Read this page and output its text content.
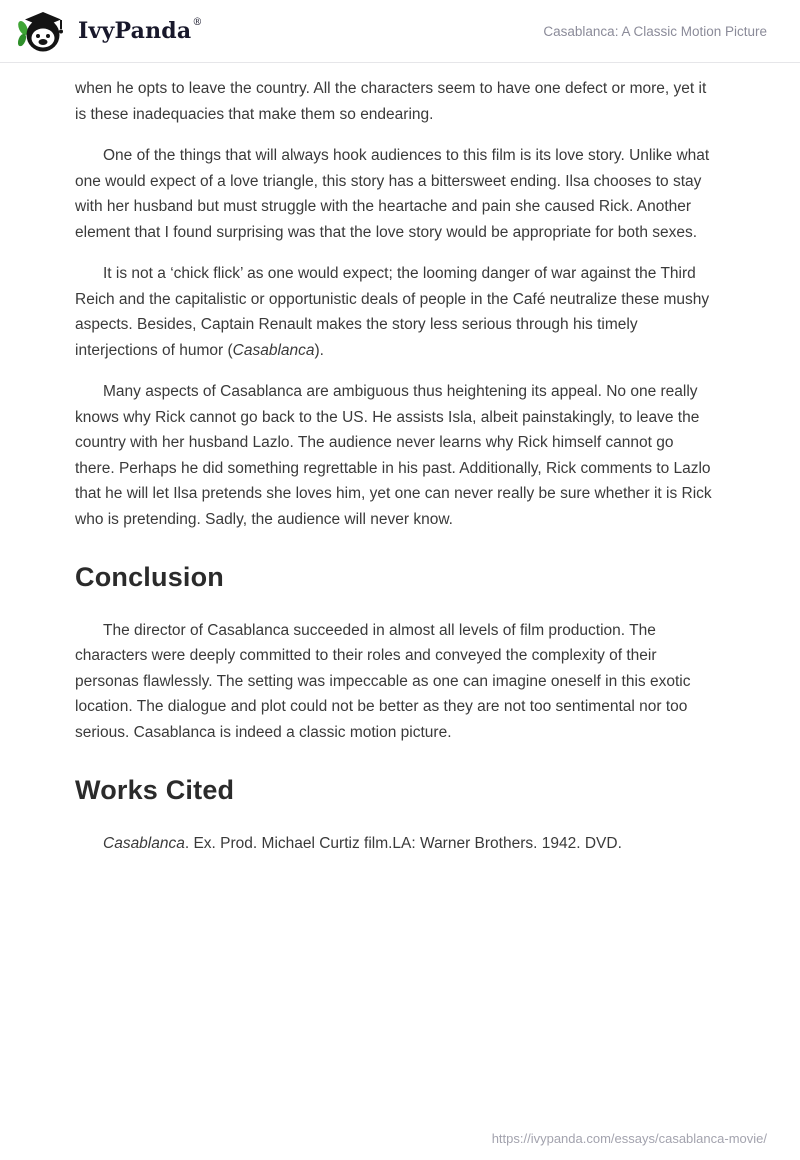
IvyPanda®
Casablanca: A Classic Motion Picture

when he opts to leave the country. All the characters seem to have one defect or more, yet it is these inadequacies that make them so endearing.

One of the things that will always hook audiences to this film is its love story. Unlike what one would expect of a love triangle, this story has a bittersweet ending. Ilsa chooses to stay with her husband but must struggle with the heartache and pain she caused Rick. Another element that I found surprising was that the love story would be appropriate for both sexes.

It is not a ‘chick flick’ as one would expect; the looming danger of war against the Third Reich and the capitalistic or opportunistic deals of people in the Café neutralize these mushy aspects. Besides, Captain Renault makes the story less serious through his timely interjections of humor (Casablanca).

Many aspects of Casablanca are ambiguous thus heightening its appeal. No one really knows why Rick cannot go back to the US. He assists Isla, albeit painstakingly, to leave the country with her husband Lazlo. The audience never learns why Rick himself cannot go there. Perhaps he did something regrettable in his past. Additionally, Rick comments to Lazlo that he will let Ilsa pretends she loves him, yet one can never really be sure whether it is Rick who is pretending. Sadly, the audience will never know.

Conclusion

The director of Casablanca succeeded in almost all levels of film production. The characters were deeply committed to their roles and conveyed the complexity of their personas flawlessly. The setting was impeccable as one can imagine oneself in this exotic location. The dialogue and plot could not be better as they are not too sentimental nor too serious. Casablanca is indeed a classic motion picture.

Works Cited

Casablanca. Ex. Prod. Michael Curtiz film.LA: Warner Brothers. 1942. DVD.

https://ivypanda.com/essays/casablanca-movie/
